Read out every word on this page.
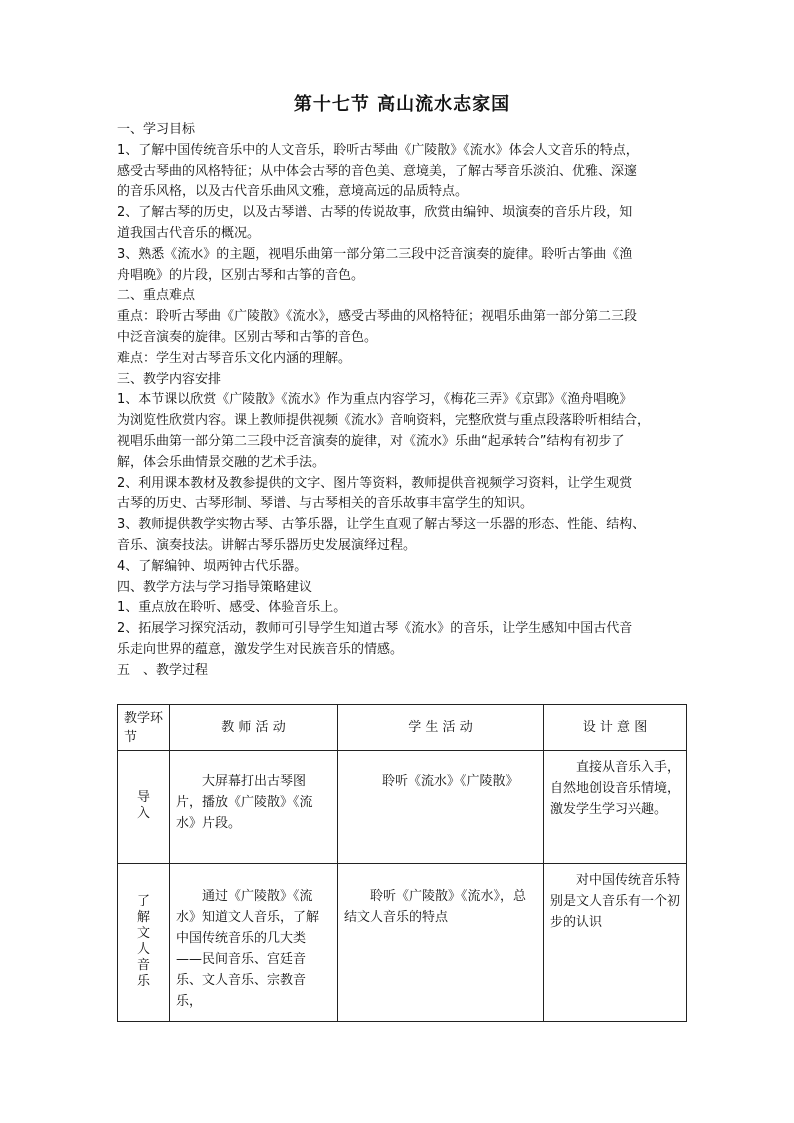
第十七节 高山流水志家国

一、学习目标

1、了解中国传统音乐中的人文音乐，聆听古琴曲《广陵散》《流水》体会人文音乐的特点，

感受古琴曲的风格特征；从中体会古琴的音色美、意境美，了解古琴音乐淡泊、优雅、深邃

的音乐风格，以及古代音乐曲风文雅，意境高远的品质特点。

2、了解古琴的历史，以及古琴谱、古琴的传说故事，欣赏由编钟、埙演奏的音乐片段，知

道我国古代音乐的概况。

3、熟悉《流水》的主题，视唱乐曲第一部分第二三段中泛音演奏的旋律。聆听古筝曲《渔

舟唱晚》的片段，区别古琴和古筝的音色。

二、重点难点

重点：聆听古琴曲《广陵散》《流水》，感受古琴曲的风格特征；视唱乐曲第一部分第二三段

中泛音演奏的旋律。区别古琴和古筝的音色。

难点：学生对古琴音乐文化内涵的理解。

三、教学内容安排

1、本节课以欣赏《广陵散》《流水》作为重点内容学习，《梅花三弄》《京郢》《渔舟唱晚》

为浏览性欣赏内容。课上教师提供视频《流水》音响资料，完整欣赏与重点段落聆听相结合，

视唱乐曲第一部分第二三段中泛音演奏的旋律，对《流水》乐曲“起承转合”结构有初步了

解，体会乐曲情景交融的艺术手法。

2、利用课本教材及教参提供的文字、图片等资料，教师提供音视频学习资料，让学生观赏

古琴的历史、古琴形制、琴谱、与古琴相关的音乐故事丰富学生的知识。

3、教师提供教学实物古琴、古筝乐器，让学生直观了解古琴这一乐器的形态、性能、结构、

音乐、演奏技法。讲解古琴乐器历史发展演绎过程。

4、了解编钟、埙两钟古代乐器。

四、教学方法与学习指导策略建议

1、重点放在聆听、感受、体验音乐上。

2、拓展学习探究活动，教师可引导学生知道古琴《流水》的音乐，让学生感知中国古代音

乐走向世界的蕴意，激发学生对民族音乐的情感。

五　、教学过程

教学环节	教 师 活 动	学 生 活 动	设 计 意 图
导入	大屏幕打出古琴图片，播放《广陵散》《流水》片段。	聆听《流水》《广陵散》	直接从音乐入手，自然地创设音乐情境，激发学生学习兴趣。

了解文人音乐	通过《广陵散》《流水》知道文人音乐，了解中国传统音乐的几大类——民间音乐、宫廷音乐、文人音乐、宗教音乐，	聆听《广陵散》《流水》，总结文人音乐的特点	对中国传统音乐特别是文人音乐有一个初步的认识
